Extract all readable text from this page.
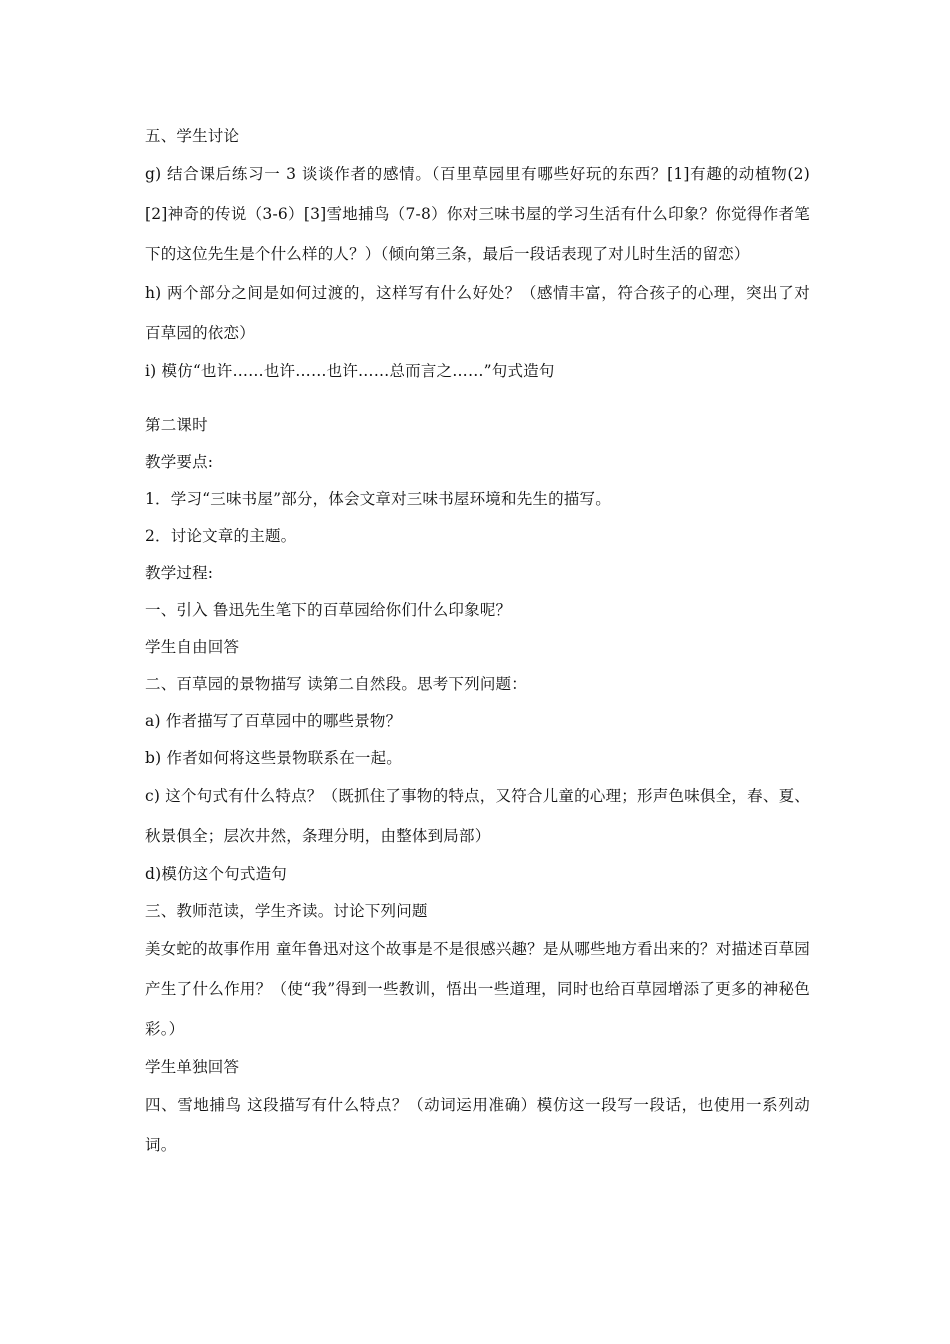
五、学生讨论
g) 结合课后练习一 3 谈谈作者的感情。（百里草园里有哪些好玩的东西？[1]有趣的动植物(2)[2]神奇的传说（3-6）[3]雪地捕鸟（7-8）你对三味书屋的学习生活有什么印象？你觉得作者笔下的这位先生是个什么样的人？）（倾向第三条，最后一段话表现了对儿时生活的留恋）
h) 两个部分之间是如何过渡的，这样写有什么好处？（感情丰富，符合孩子的心理，突出了对百草园的依恋）
i) 模仿“也许……也许……也许……总而言之……”句式造句
第二课时
教学要点:
1．学习“三味书屋”部分，体会文章对三味书屋环境和先生的描写。
2．讨论文章的主题。
教学过程:
一、引入 鲁迅先生笔下的百草园给你们什么印象呢？
学生自由回答
二、百草园的景物描写 读第二自然段。思考下列问题：
a) 作者描写了百草园中的哪些景物？
b) 作者如何将这些景物联系在一起。
c) 这个句式有什么特点？（既抓住了事物的特点，又符合儿童的心理；形声色味俱全，春、夏、秋景俱全；层次井然，条理分明，由整体到局部）
d)模仿这个句式造句
三、教师范读，学生齐读。讨论下列问题
美女蛇的故事作用 童年鲁迅对这个故事是不是很感兴趣？是从哪些地方看出来的？对描述百草园产生了什么作用？（使“我”得到一些教训，悟出一些道理，同时也给百草园增添了更多的神秘色彩。）
学生单独回答
四、雪地捕鸟 这段描写有什么特点？（动词运用准确）模仿这一段写一段话，也使用一系列动词。
